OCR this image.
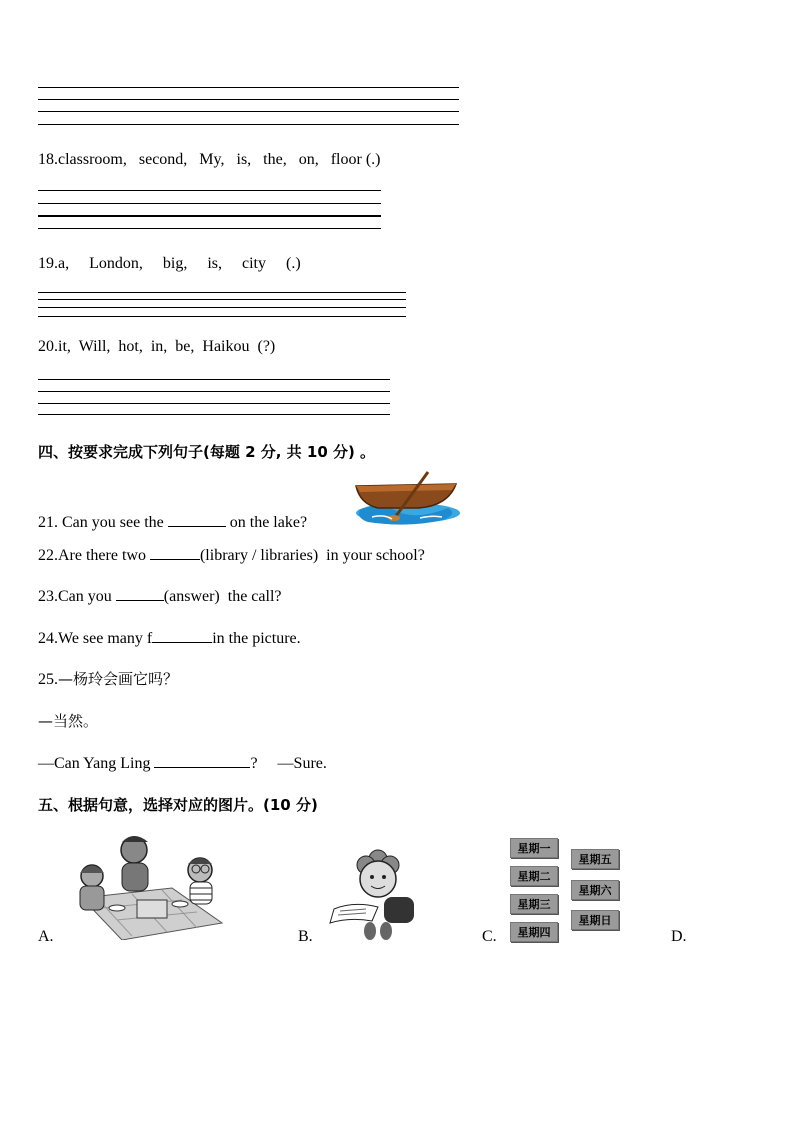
18.classroom,   second,   My,   is,   the,   on,   floor (.)
19.a,     London,     big,     is,     city     (.)
20.it,  Will,  hot,  in,  be,  Haikou  (?)
四、按要求完成下列句子(每题 2 分, 共 10 分) 。
21. Can you see the	on the lake?
22.Are there two	(library / libraries)  in your school?
23.Can you	(answer)  the call?
24.We see many f	in the picture.
25.—杨玲会画它吗？
—当然。
—Can Yang Ling	?     —Sure.
五、根据句意，选择对应的图片。(10 分)
A.	B.
星期一
星期二
星期三
星期四
星期五
星期六
星期日
C.	D.
